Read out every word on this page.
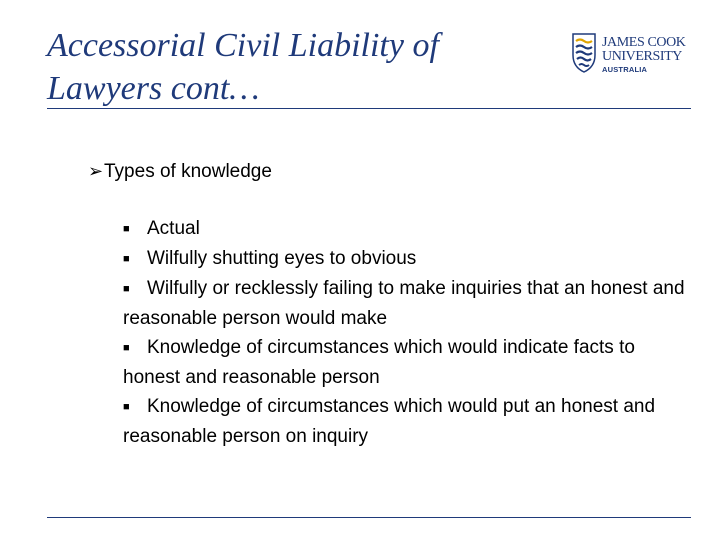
Accessorial Civil Liability of
Lawyers cont…
JAMES COOK
UNIVERSITY
AUSTRALIA
➢ Types of knowledge
■ Actual
■ Wilfully shutting eyes to obvious
■ Wilfully or recklessly failing to make inquiries that an honest and reasonable person would make
■ Knowledge of circumstances which would indicate facts to honest and reasonable person
■ Knowledge of circumstances which would put an honest and reasonable person on inquiry
